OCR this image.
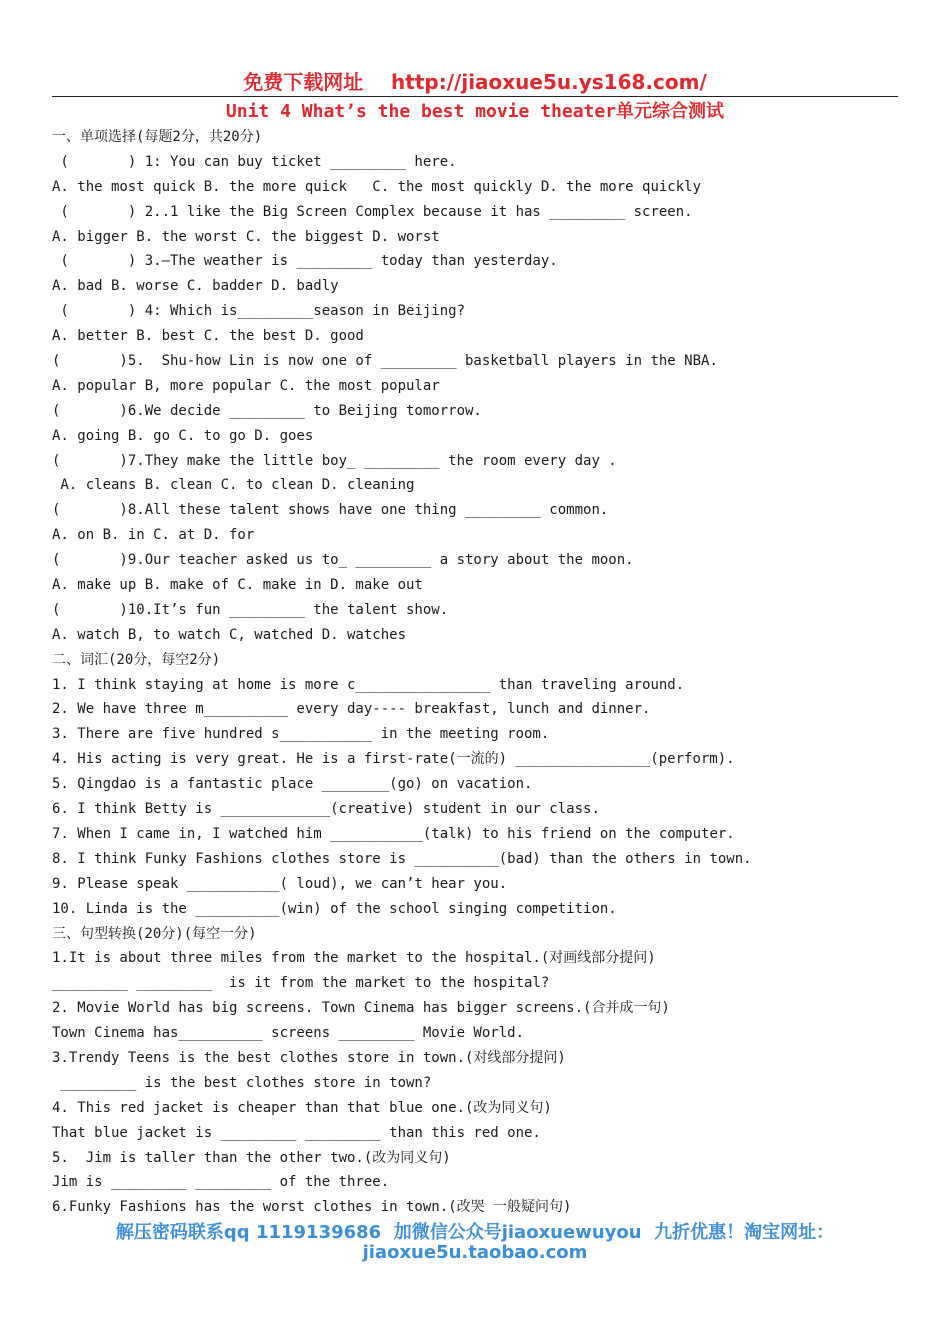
免费下载网址    http://jiaoxue5u.ys168.com/
Unit 4 What’s the best movie theater单元综合测试
一、单项选择(每题2分，共20分)
(       ) 1: You can buy ticket _________ here.
A. the most quick B. the more quick   C. the most quickly D. the more quickly
(       ) 2..1 like the Big Screen Complex because it has _________ screen.
A. bigger B. the worst C. the biggest D. worst
(       ) 3.—The weather is _________ today than yesterday.
A. bad B. worse C. badder D. badly
(       ) 4: Which is_________season in Beijing?
A. better B. best C. the best D. good
(       )5.  Shu-how Lin is now one of _________ basketball players in the NBA.
A. popular B, more popular C. the most popular
(       )6.We decide _________ to Beijing tomorrow.
A. going B. go C. to go D. goes
(       )7.They make the little boy_ _________ the room every day .
A. cleans B. clean C. to clean D. cleaning
(       )8.All these talent shows have one thing _________ common.
A. on B. in C. at D. for
(       )9.Our teacher asked us to_ _________ a story about the moon.
A. make up B. make of C. make in D. make out
(       )10.It’s fun _________ the talent show.
A. watch B, to watch C, watched D. watches
二、词汇(20分，每空2分)
1. I think staying at home is more c________________ than traveling around.
2. We have three m__________ every day---- breakfast, lunch and dinner.
3. There are five hundred s___________ in the meeting room.
4. His acting is very great. He is a first-rate(一流的) ________________(perform).
5. Qingdao is a fantastic place ________(go) on vacation.
6. I think Betty is _____________(creative) student in our class.
7. When I came in, I watched him ___________(talk) to his friend on the computer.
8. I think Funky Fashions clothes store is __________(bad) than the others in town.
9. Please speak ___________( loud), we can’t hear you.
10. Linda is the __________(win) of the school singing competition.
三、句型转换(20分)(每空一分)
1.It is about three miles from the market to the hospital.(对画线部分提问)
_________ _________  is it from the market to the hospital?
2. Movie World has big screens. Town Cinema has bigger screens.(合并成一句)
Town Cinema has__________ screens _________ Movie World.
3.Trendy Teens is the best clothes store in town.(对线部分提问)
_________ is the best clothes store in town?
4. This red jacket is cheaper than that blue one.(改为同义句)
That blue jacket is _________ _________ than this red one.
5.  Jim is taller than the other two.(改为同义句)
Jim is _________ _________ of the three.
6.Funky Fashions has the worst clothes in town.(改哭 一般疑问句)
解压密码联系qq 1119139686  加微信公众号jiaoxuewuyou  九折优惠！淘宝网址：
jiaoxue5u.taobao.com
